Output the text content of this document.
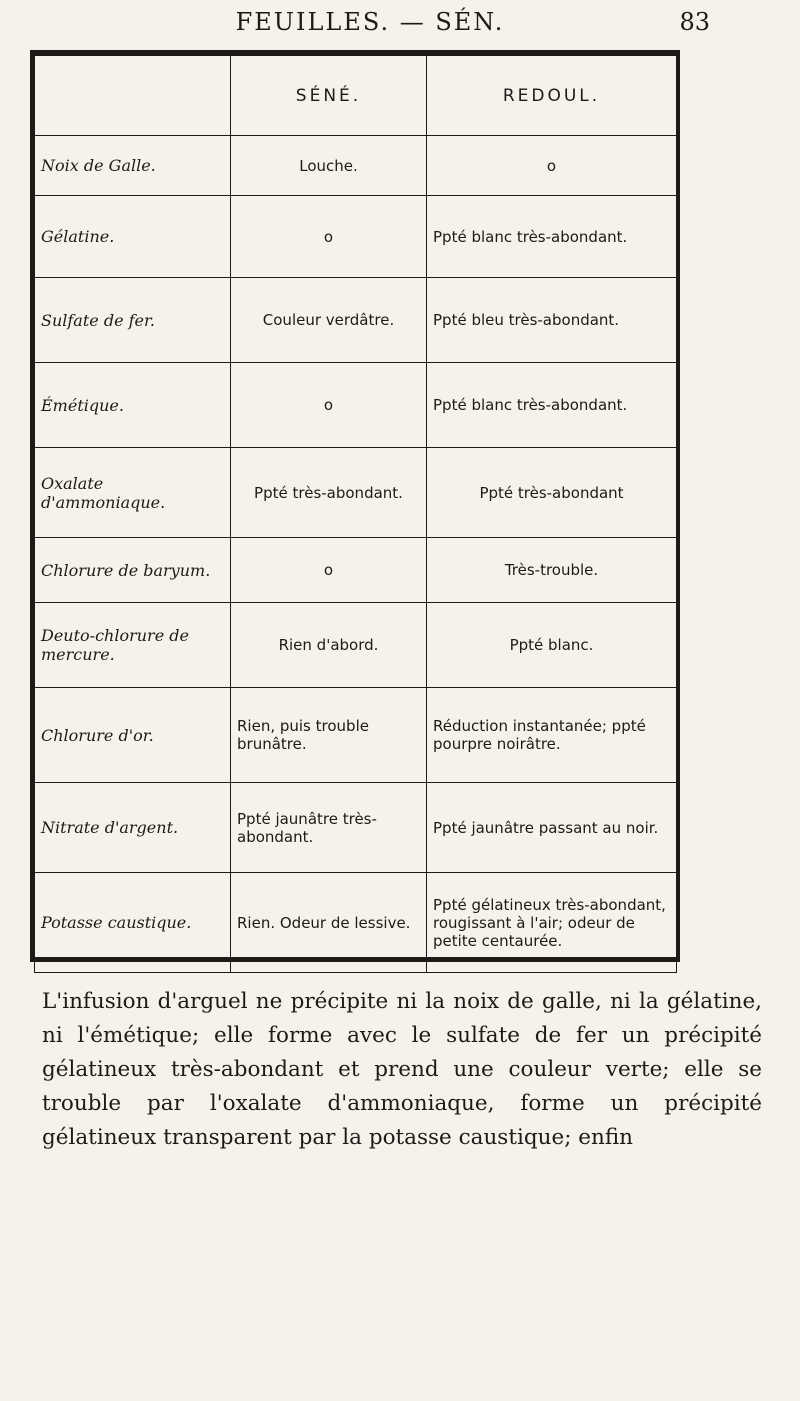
FEUILLES. — SÉN.	83
	SÉNÉ.	REDOUL.
Noix de Galle.	Louche.	o
Gélatine.	o	Ppté blanc très-abondant.
Sulfate de fer.	Couleur verdâtre.	Ppté bleu très-abondant.
Émétique.	o	Ppté blanc très-abondant.
Oxalate d'ammoniaque.	Ppté très-abondant.	Ppté très-abondant
Chlorure de baryum.	o	Très-trouble.
Deuto-chlorure de mercure.	Rien d'abord.	Ppté blanc.
Chlorure d'or.	Rien, puis trouble brunâtre.	Réduction instantanée; ppté pourpre noirâtre.
Nitrate d'argent.	Ppté jaunâtre très-abondant.	Ppté jaunâtre passant au noir.
Potasse caustique.	Rien. Odeur de lessive.	Ppté gélatineux très-abondant, rougissant à l'air; odeur de petite centaurée.
L'infusion d'arguel ne précipite ni la noix de galle, ni la gélatine, ni l'émétique; elle forme avec le sulfate de fer un précipité gélatineux très-abondant et prend une couleur verte; elle se trouble par l'oxalate d'ammoniaque, forme un précipité gélatineux transparent par la potasse caustique; enfin
